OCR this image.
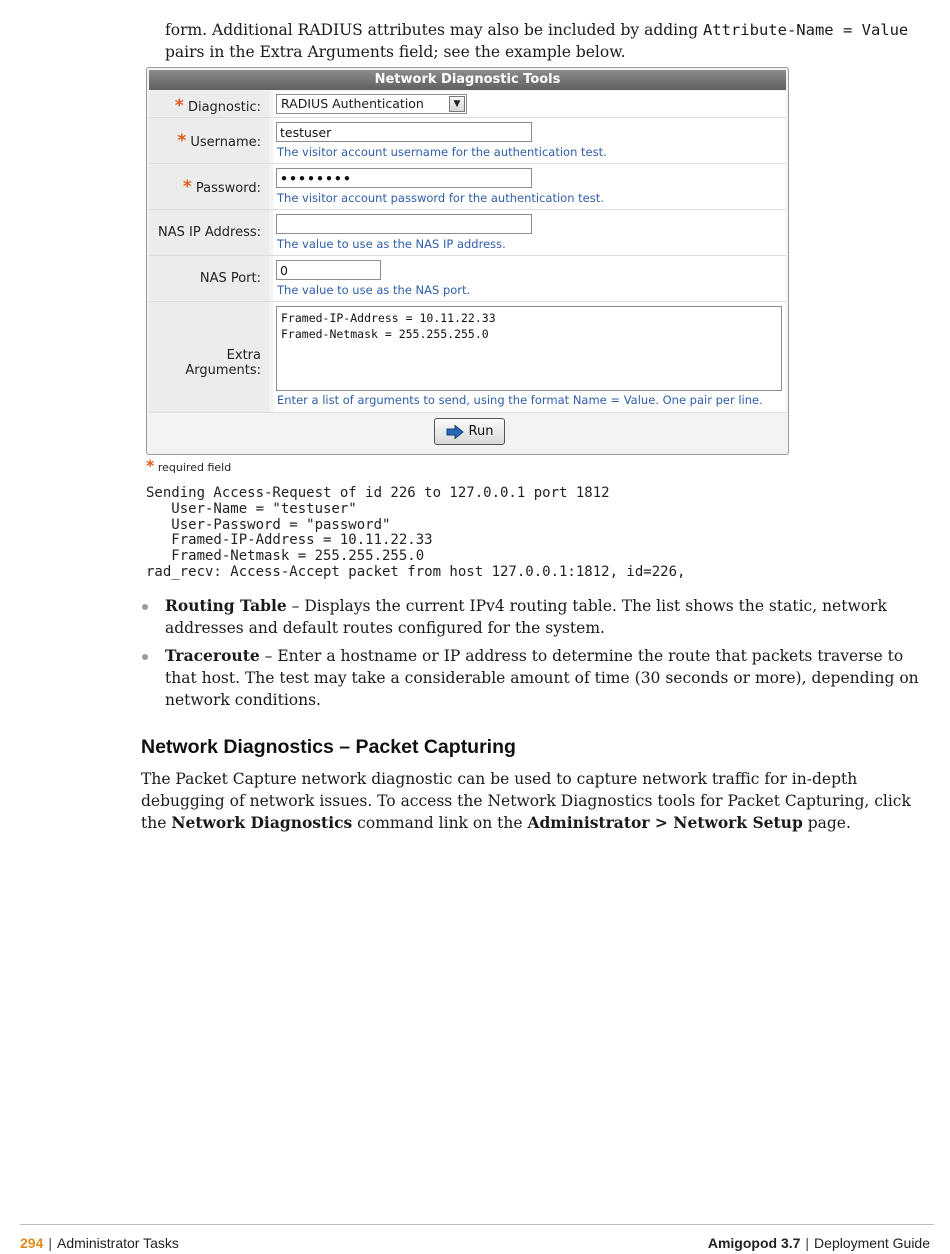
form. Additional RADIUS attributes may also be included by adding Attribute-Name = Value pairs in the Extra Arguments field; see the example below.
Network Diagnostic Tools
* Diagnostic:	RADIUS Authentication	▼
* Username:
testuser
The visitor account username for the authentication test.
* Password:
••••••••
The visitor account password for the authentication test.
NAS IP Address:
The value to use as the NAS IP address.
NAS Port:
0
The value to use as the NAS port.
Extra Arguments:
Framed-IP-Address = 10.11.22.33
Framed-Netmask = 255.255.255.0
Enter a list of arguments to send, using the format Name = Value. One pair per line.
Run
* required field
Sending Access-Request of id 226 to 127.0.0.1 port 1812
User-Name = "testuser"
User-Password = "password"
Framed-IP-Address = 10.11.22.33
Framed-Netmask = 255.255.255.0
rad_recv: Access-Accept packet from host 127.0.0.1:1812, id=226,
Routing Table – Displays the current IPv4 routing table. The list shows the static, network addresses and default routes configured for the system.
Traceroute – Enter a hostname or IP address to determine the route that packets traverse to that host. The test may take a considerable amount of time (30 seconds or more), depending on network conditions.
Network Diagnostics – Packet Capturing
The Packet Capture network diagnostic can be used to capture network traffic for in-depth debugging of network issues. To access the Network Diagnostics tools for Packet Capturing, click the Network Diagnostics command link on the Administrator > Network Setup page.
294 | Administrator Tasks	Amigopod 3.7 | Deployment Guide
